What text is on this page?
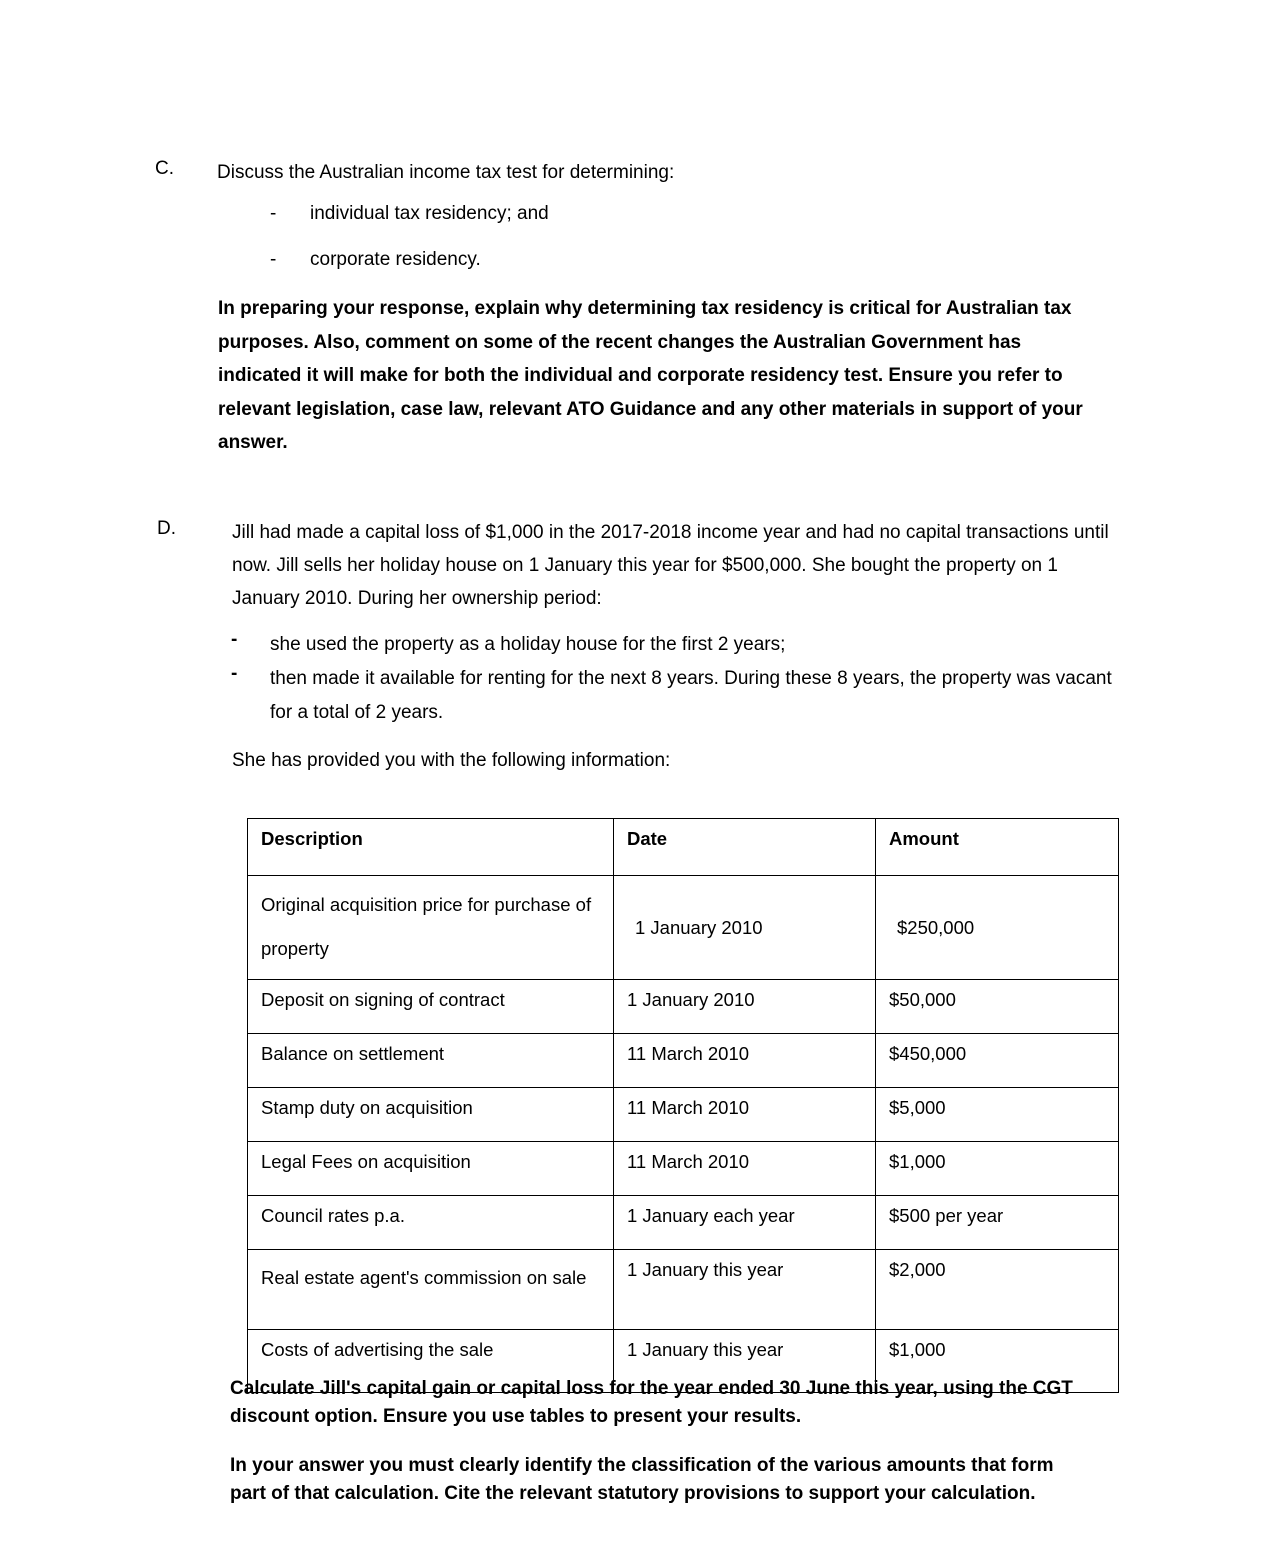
C. Discuss the Australian income tax test for determining:
- individual tax residency; and
- corporate residency.
In preparing your response, explain why determining tax residency is critical for Australian tax purposes. Also, comment on some of the recent changes the Australian Government has indicated it will make for both the individual and corporate residency test. Ensure you refer to relevant legislation, case law, relevant ATO Guidance and any other materials in support of your answer.
D.	Jill had made a capital loss of $1,000 in the 2017-2018 income year and had no capital transactions until now. Jill sells her holiday house on 1 January this year for $500,000. She bought the property on 1 January 2010. During her ownership period:
- she used the property as a holiday house for the first 2 years;
- then made it available for renting for the next 8 years. During these 8 years, the property was vacant for a total of 2 years.
She has provided you with the following information:
Description	Date	Amount
Original acquisition price for purchase of property	1 January 2010	$250,000
Deposit on signing of contract	1 January 2010	$50,000
Balance on settlement	11 March 2010	$450,000
Stamp duty on acquisition	11 March 2010	$5,000
Legal Fees on acquisition	11 March 2010	$1,000
Council rates p.a.	1 January each year	$500 per year
Real estate agent's commission on sale	1 January this year	$2,000
Costs of advertising the sale	1 January this year	$1,000
Calculate Jill's capital gain or capital loss for the year ended 30 June this year, using the CGT discount option. Ensure you use tables to present your results.
In your answer you must clearly identify the classification of the various amounts that form part of that calculation. Cite the relevant statutory provisions to support your calculation.
